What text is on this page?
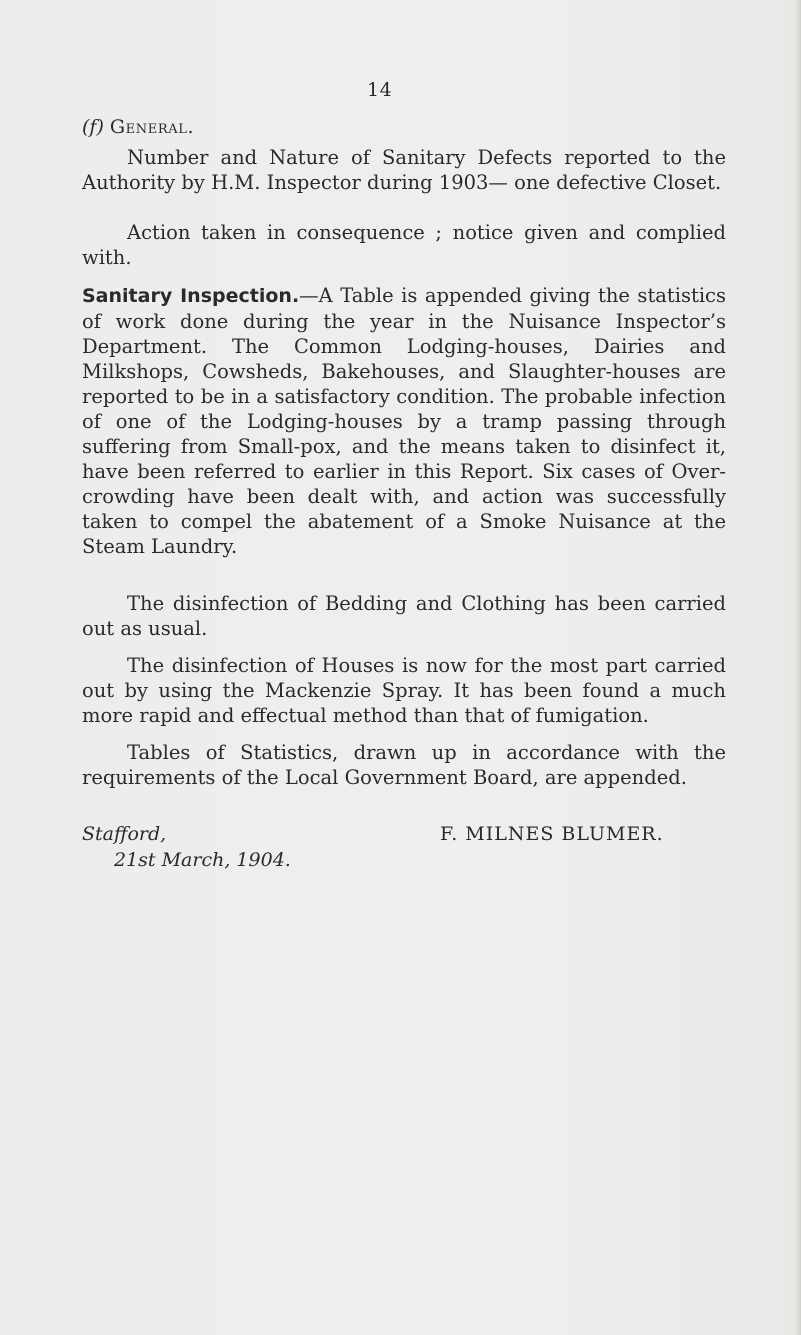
14
(f) General.

Number and Nature of Sanitary Defects reported to the Authority by H.M. Inspector during 1903— one defective Closet.

Action taken in consequence ; notice given and complied with.

Sanitary Inspection.—A Table is appended giving the statistics of work done during the year in the Nuisance Inspector’s Department. The Common Lodging-houses, Dairies and Milkshops, Cowsheds, Bakehouses, and Slaughter-houses are reported to be in a satisfactory condition. The probable infection of one of the Lodging-houses by a tramp passing through suffering from Small-pox, and the means taken to disinfect it, have been referred to earlier in this Report. Six cases of Over-crowding have been dealt with, and action was successfully taken to compel the abatement of a Smoke Nuisance at the Steam Laundry.

The disinfection of Bedding and Clothing has been carried out as usual.

The disinfection of Houses is now for the most part carried out by using the Mackenzie Spray. It has been found a much more rapid and effectual method than that of fumigation.

Tables of Statistics, drawn up in accordance with the requirements of the Local Government Board, are appended.

Stafford,
21st March, 1904.
F. MILNES BLUMER.
